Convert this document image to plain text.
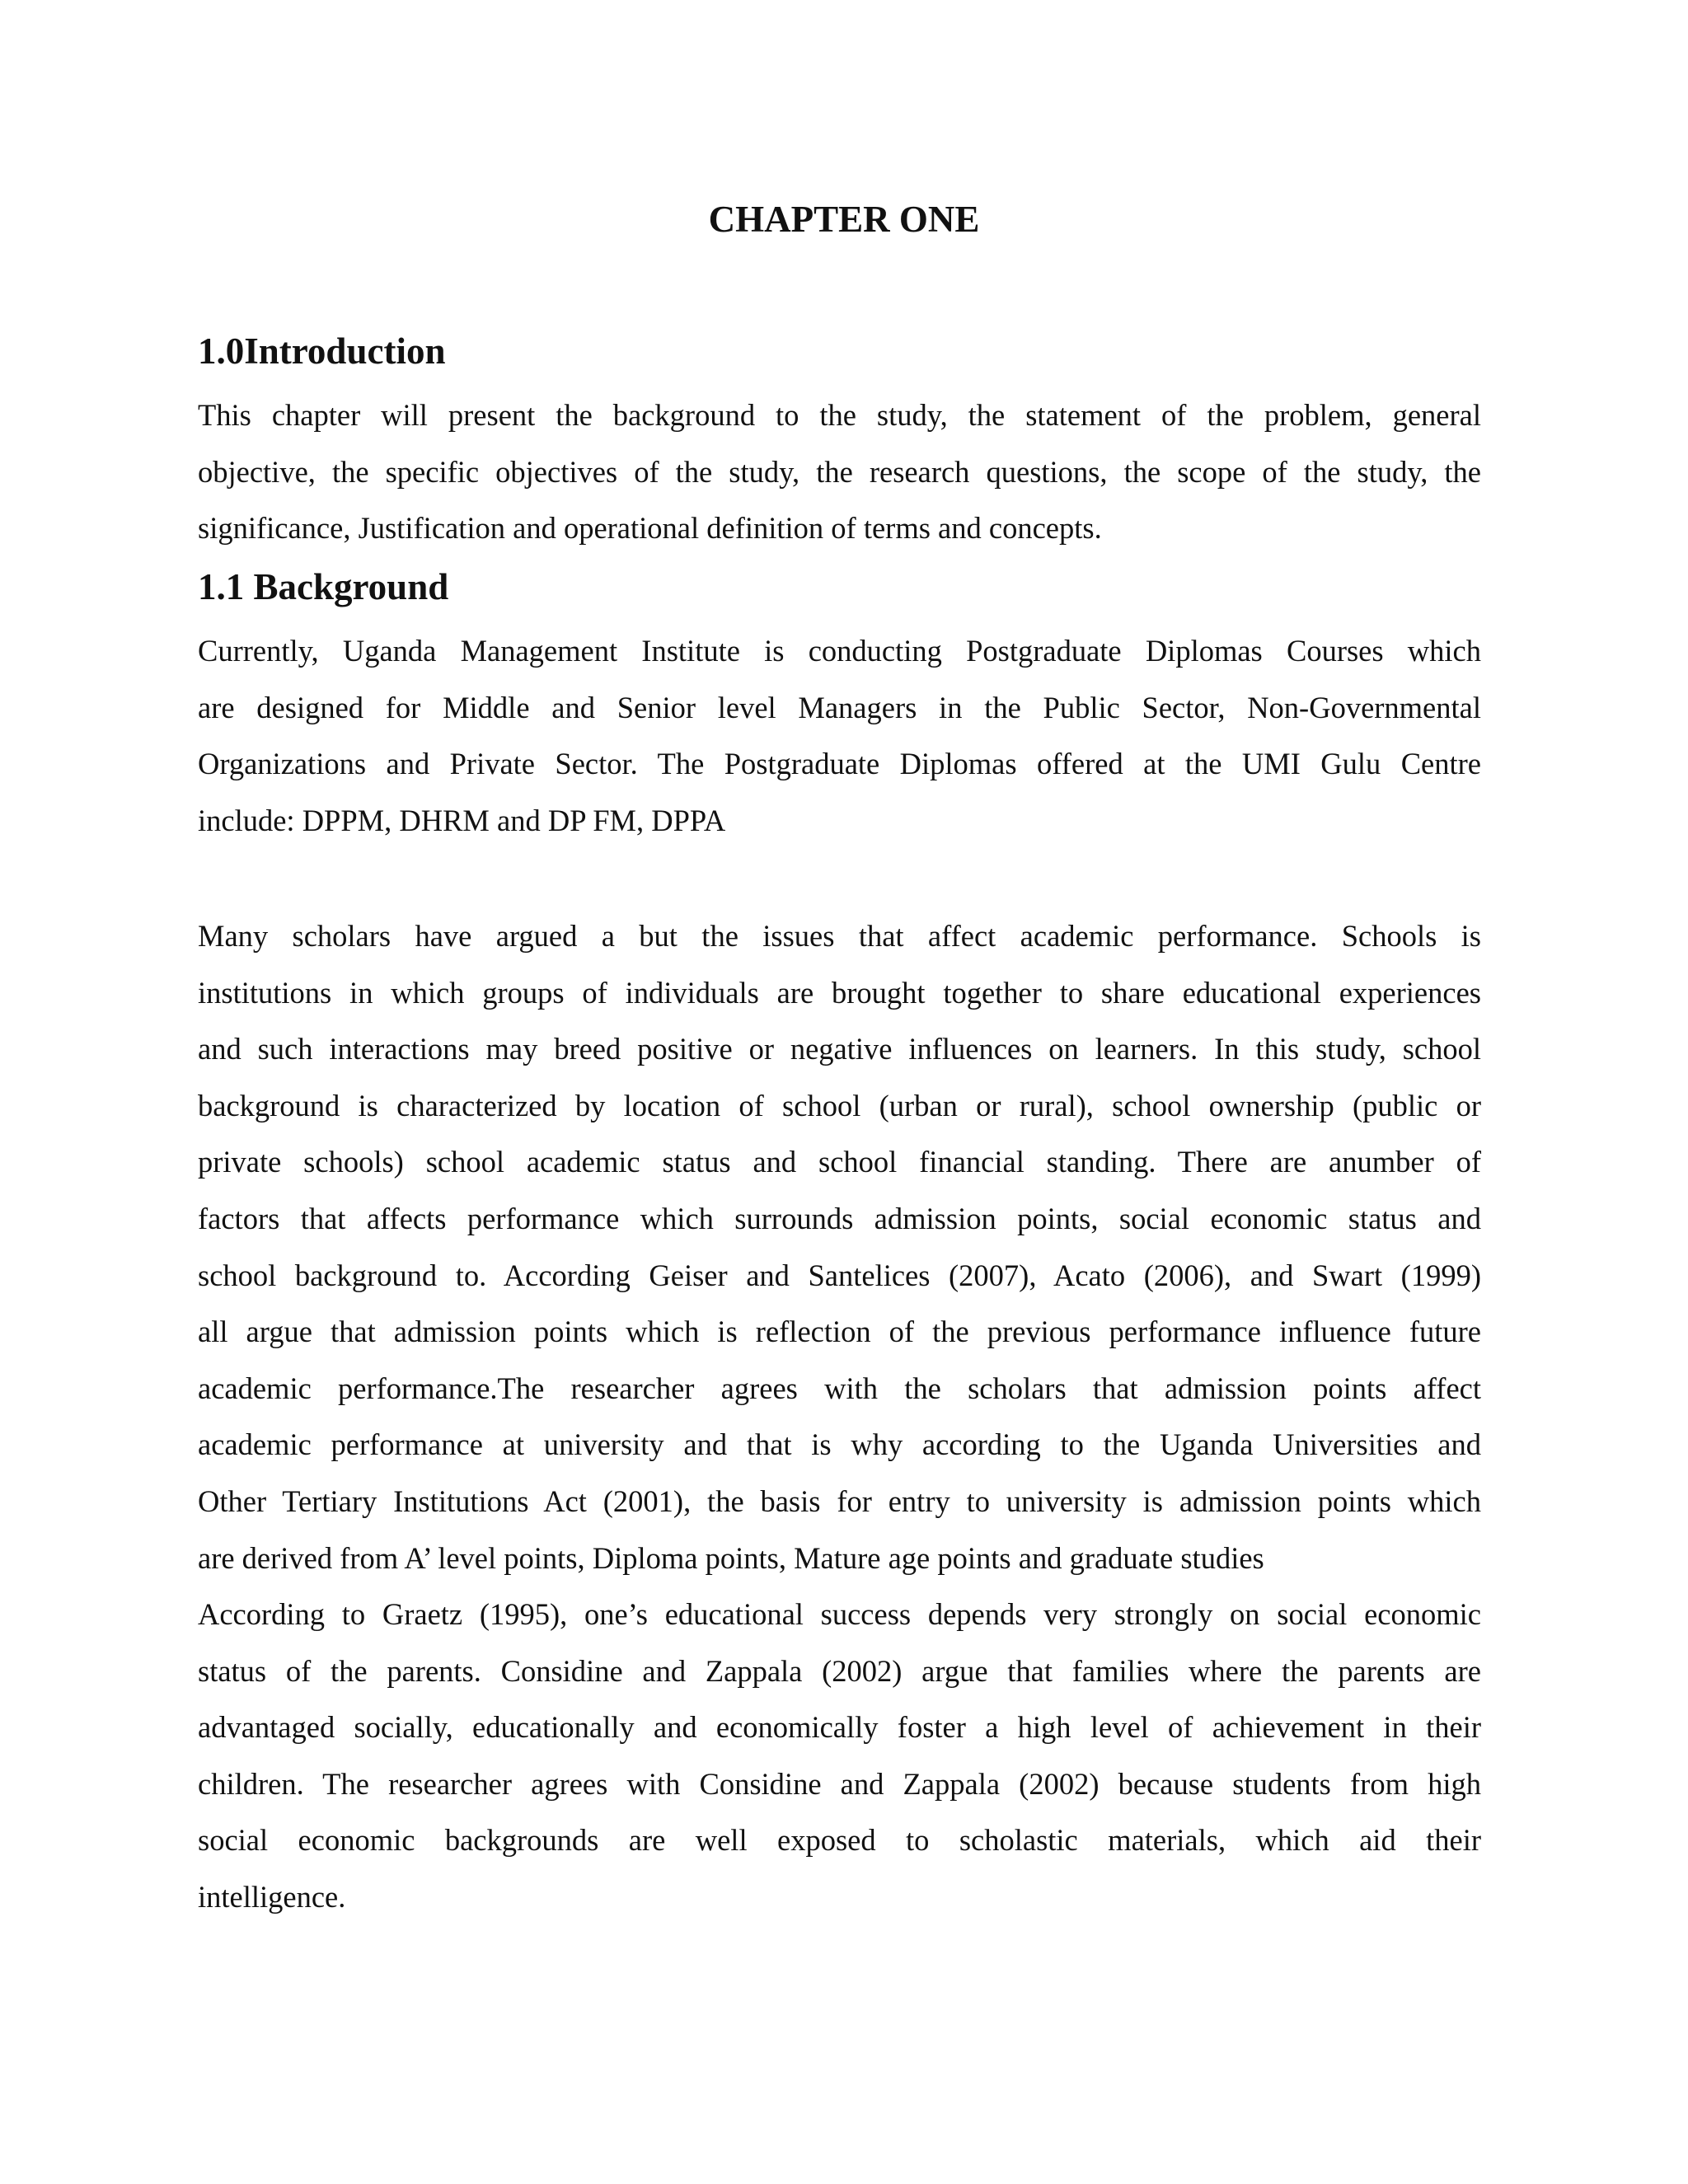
CHAPTER ONE
1.0Introduction

This chapter will present the background to the study, the statement of the problem, general
objective, the specific objectives of the study, the research questions, the scope of the study, the
significance, Justification and operational definition of terms and concepts.

1.1 Background

Currently, Uganda Management Institute is conducting Postgraduate Diplomas Courses which
are designed for Middle and Senior level Managers in the Public Sector, Non-Governmental
Organizations and Private Sector. The Postgraduate Diplomas offered at the UMI Gulu Centre
include: DPPM, DHRM and DP FM, DPPA

Many scholars have argued a but the issues that affect academic performance. Schools is
institutions in which groups of individuals are brought together to share educational experiences
and such interactions may breed positive or negative influences on learners. In this study, school
background is characterized by location of school (urban or rural), school ownership (public or
private schools) school academic status and school financial standing. There are anumber of
factors that affects performance which surrounds admission points, social economic status and
school background to. According Geiser and Santelices (2007), Acato (2006), and Swart (1999)
all argue that admission points which is reflection of the previous performance influence future
academic performance.The researcher agrees with the scholars that admission points affect
academic performance at university and that is why according to the Uganda Universities and
Other Tertiary Institutions Act (2001), the basis for entry to university is admission points which
are derived from A’ level points, Diploma points, Mature age points and graduate studies

According to Graetz (1995), one’s educational success depends very strongly on social economic
status of the parents. Considine and Zappala (2002) argue that families where the parents are
advantaged socially, educationally and economically foster a high level of achievement in their
children. The researcher agrees with Considine and Zappala (2002) because students from high
social economic backgrounds are well exposed to scholastic materials, which aid their
intelligence.
